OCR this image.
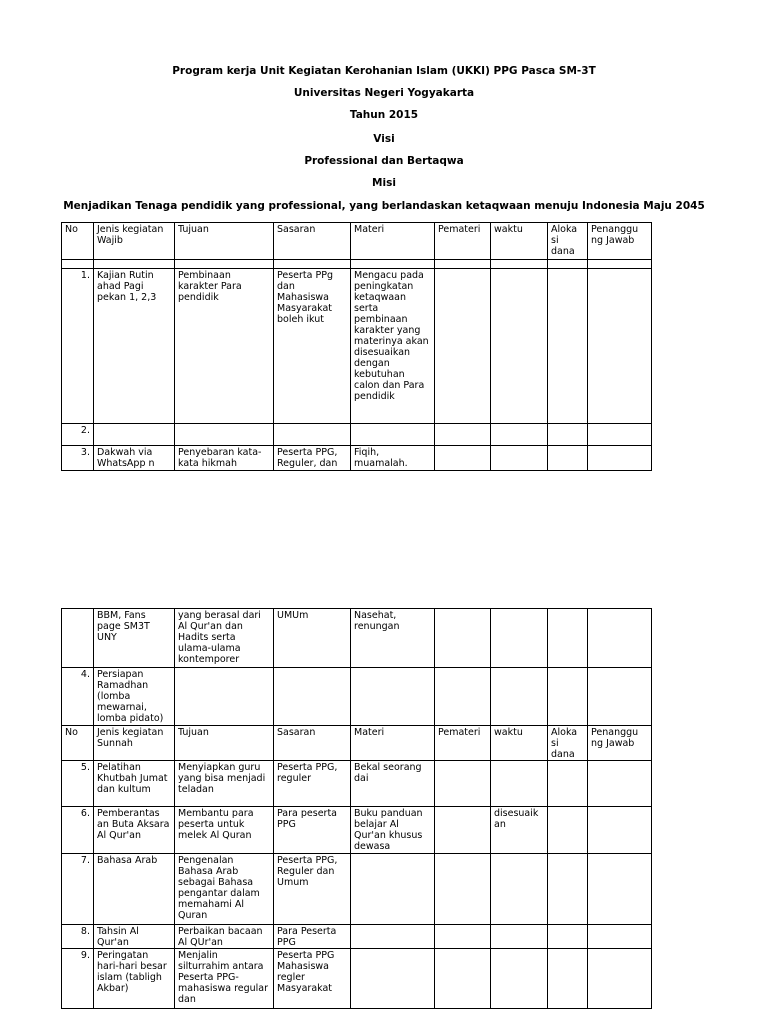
Program kerja Unit Kegiatan Kerohanian Islam (UKKI) PPG Pasca SM-3T
Universitas Negeri Yogyakarta
Tahun 2015
Visi
Professional dan Bertaqwa
Misi
Menjadikan Tenaga pendidik yang professional, yang berlandaskan ketaqwaan menuju Indonesia Maju 2045
No	Jenis kegiatan Wajib	Tujuan	Sasaran	Materi	Pemateri	waktu	Aloka si dana	Penanggu ng Jawab

1.	Kajian Rutin ahad Pagi pekan 1, 2,3	Pembinaan karakter Para pendidik	Peserta PPg dan Mahasiswa Masyarakat boleh ikut	Mengacu pada peningkatan ketaqwaan serta pembinaan karakter yang materinya akan disesuaikan dengan kebutuhan calon dan Para pendidik				
2.								
3.	Dakwah via WhatsApp n	Penyebaran kata-kata hikmah	Peserta PPG, Reguler, dan	Fiqih, muamalah.				
	BBM, Fans page SM3T UNY	yang berasal dari Al Qur'an dan Hadits serta ulama-ulama kontemporer	UMUm	Nasehat, renungan				
4.	Persiapan Ramadhan (lomba mewarnai, lomba pidato)							
No	Jenis kegiatan Sunnah	Tujuan	Sasaran	Materi	Pemateri	waktu	Aloka si dana	Penanggu ng Jawab
5.	Pelatihan Khutbah Jumat dan kultum	Menyiapkan guru yang bisa menjadi teladan	Peserta PPG, reguler	Bekal seorang dai				
6.	Pemberantas an Buta Aksara Al Qur'an	Membantu para peserta untuk melek Al Quran	Para peserta PPG	Buku panduan belajar Al Qur'an khusus dewasa		disesuaik an		
7.	Bahasa Arab	Pengenalan Bahasa Arab sebagai Bahasa pengantar dalam memahami Al Quran	Peserta PPG, Reguler dan Umum					
8.	Tahsin Al Qur'an	Perbaikan bacaan Al QUr'an	Para Peserta PPG					
9.	Peringatan hari-hari besar islam (tabligh Akbar)	Menjalin silturrahim antara Peserta PPG- mahasiswa regular dan	Peserta PPG Mahasiswa regler Masyarakat					
